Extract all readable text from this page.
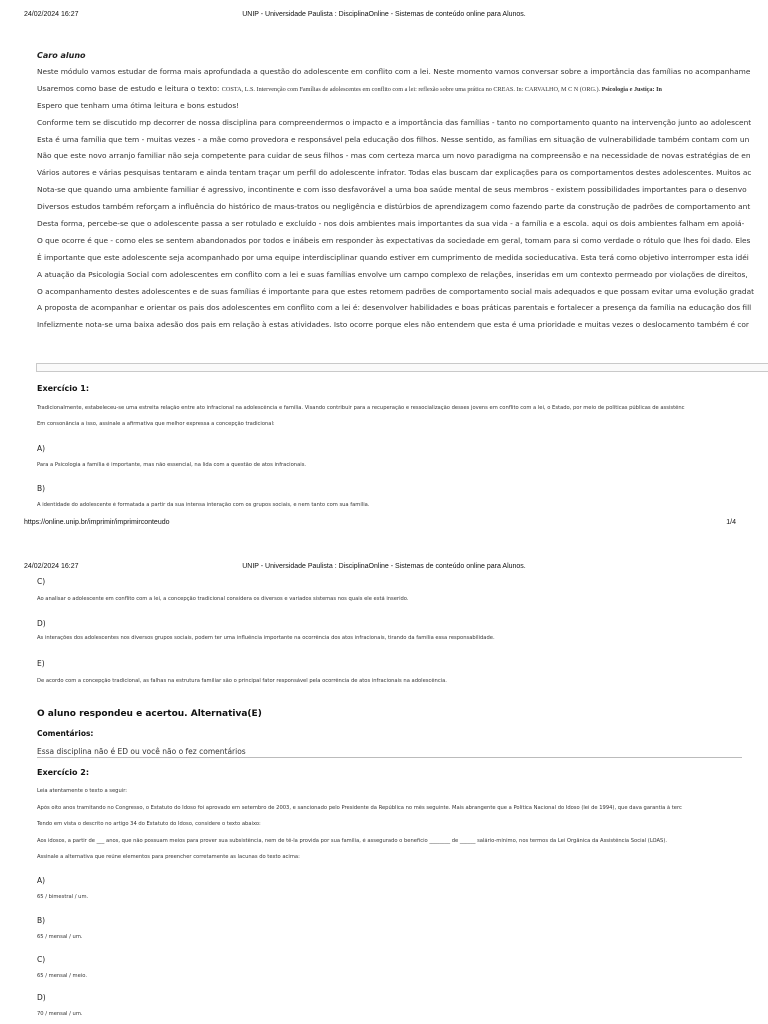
24/02/2024 16:27	UNIP - Universidade Paulista : DisciplinaOnline - Sistemas de conteúdo online para Alunos.
Caro aluno
Neste módulo vamos estudar de forma mais aprofundada a questão do adolescente em conflito com a lei. Neste momento vamos conversar sobre a importância das famílias no acompanhame
Usaremos como base de estudo e leitura o texto: COSTA, L.S. Intervenção com Famílias de adolescentes em conflito com a lei: reflexão sobre uma prática no CREAS. In: CARVALHO, M C N (ORG.). Psicologia e Justiça: In
Espero que tenham uma ótima leitura e bons estudos!
Conforme tem se discutido mp decorrer de nossa disciplina para compreendermos o impacto e a importância das famílias - tanto no comportamento quanto na intervenção junto ao adolescent
Esta é uma família que tem - muitas vezes - a mãe como provedora e responsável pela educação dos filhos. Nesse sentido, as famílias em situação de vulnerabilidade também contam com un
Não que este novo arranjo familiar não seja competente para cuidar de seus filhos - mas com certeza marca um novo paradigma na compreensão e na necessidade de novas estratégias de en
Vários autores e várias pesquisas tentaram e ainda tentam traçar um perfil do adolescente infrator. Todas elas buscam dar explicações para os comportamentos destes adolescentes. Muitos ac
Nota-se que quando uma ambiente familiar é agressivo, incontinente e com isso desfavorável a uma boa saúde mental de seus membros - existem possibilidades importantes para o desenvo
Diversos estudos também reforçam a influência do histórico de maus-tratos ou negligência e distúrbios de aprendizagem como fazendo parte da construção de padrões de comportamento ant
Desta forma, percebe-se que o adolescente passa a ser rotulado e excluído - nos dois ambientes mais importantes da sua vida - a família e a escola. aqui os dois ambientes falham em apoiá-
O que ocorre é que - como eles se sentem abandonados por todos e inábeis em responder às expectativas da sociedade em geral, tomam para si como verdade o rótulo que lhes foi dado. Eles
É importante que este adolescente seja acompanhado por uma equipe interdisciplinar quando estiver em cumprimento de medida socieducativa. Esta terá como objetivo interromper esta idéi
A atuação da Psicologia Social com adolescentes em conflito com a lei e suas famílias envolve um campo complexo de relações, inseridas em um contexto permeado por violações de direitos,
O acompanhamento destes adolescentes e de suas famílias é importante para que estes retomem padrões de comportamento social mais adequados e que possam evitar uma evolução gradat
A proposta de acompanhar e orientar os pais dos adolescentes em conflito com a lei é: desenvolver habilidades e boas práticas parentais e fortalecer a presença da família na educação dos fill
Infelizmente nota-se uma baixa adesão dos pais em relação à estas atividades. Isto ocorre porque eles não entendem que esta é uma prioridade e muitas vezes o deslocamento também é cor
Exercício 1:
Tradicionalmente, estabeleceu-se uma estreita relação entre ato infracional na adolescência e família. Visando contribuir para a recuperação e ressocialização desses jovens em conflito com a lei, o Estado, por meio de políticas públicas de assistênc
Em consonância a isso, assinale a afirmativa que melhor expressa a concepção tradicional:
A)
Para a Psicologia a família é importante, mas não essencial, na lida com a questão de atos infracionais.
B)
A identidade do adolescente é formatada a partir da sua intensa interação com os grupos sociais, e nem tanto com sua família.
https://online.unip.br/imprimir/imprimirconteudo	1/4
24/02/2024 16:27	UNIP - Universidade Paulista : DisciplinaOnline - Sistemas de conteúdo online para Alunos.
C)
Ao analisar o adolescente em conflito com a lei, a concepção tradicional considera os diversos e variados sistemas nos quais ele está inserido.
D)
As interações dos adolescentes nos diversos grupos sociais, podem ter uma influência importante na ocorrência dos atos infracionais, tirando da família essa responsabilidade.
E)
De acordo com a concepção tradicional, as falhas na estrutura familiar são o principal fator responsável pela ocorrência de atos infracionais na adolescência.
O aluno respondeu e acertou. Alternativa(E)
Comentários:
Essa disciplina não é ED ou você não o fez comentários
Exercício 2:
Leia atentamente o texto a seguir:
Após oito anos tramitando no Congresso, o Estatuto do Idoso foi aprovado em setembro de 2003, e sancionado pelo Presidente da República no mês seguinte. Mais abrangente que a Política Nacional do Idoso (lei de 1994), que dava garantia à terc
Tendo em vista o descrito no artigo 34 do Estatuto do Idoso, considere o texto abaixo:
Aos idosos, a partir de ___ anos, que não possuam meios para prover sua subsistência, nem de tê-la provida por sua família, é assegurado o benefício ________ de ______ salário-mínimo, nos termos da Lei Orgânica da Assistência Social (LOAS).
Assinale a alternativa que reúne elementos para preencher corretamente as lacunas do texto acima:
A)
65 / bimestral / um.
B)
65 / mensal / um.
C)
65 / mensal / meio.
D)
70 / mensal / um.
